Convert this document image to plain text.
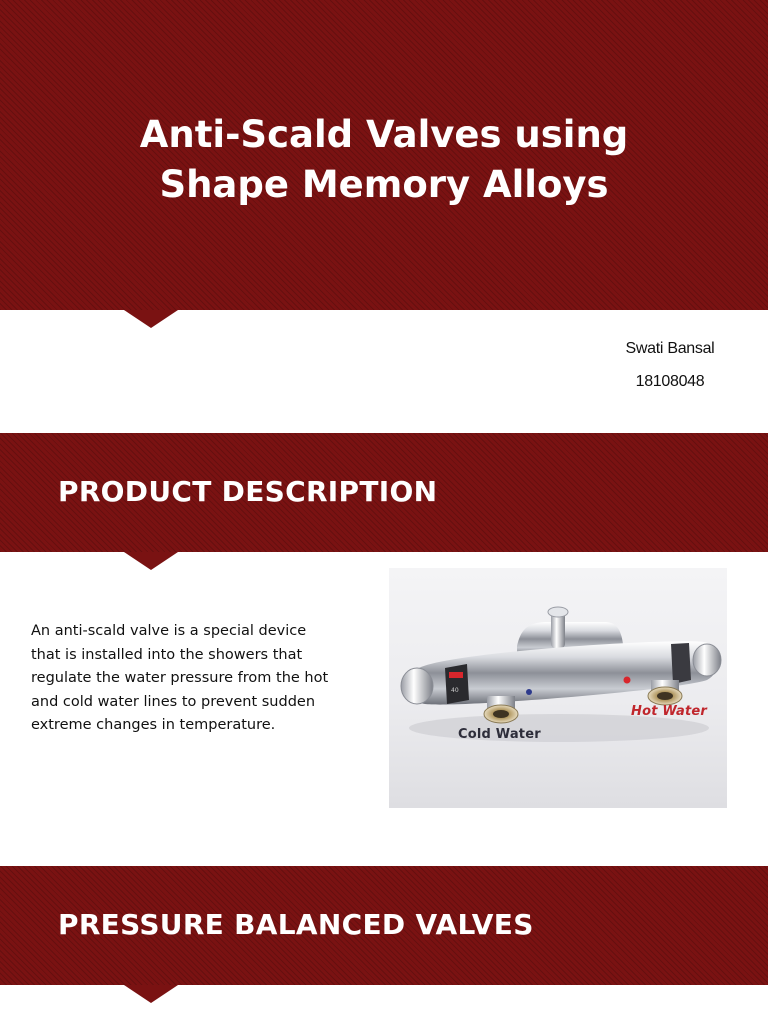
Anti-Scald Valves using
Shape Memory Alloys
Swati Bansal
18108048
PRODUCT DESCRIPTION

An anti-scald valve is a special device that is installed into the showers that regulate the water pressure from the hot and cold water lines to prevent sudden extreme changes in temperature.

40
Cold Water
Hot Water
PRESSURE BALANCED VALVES
